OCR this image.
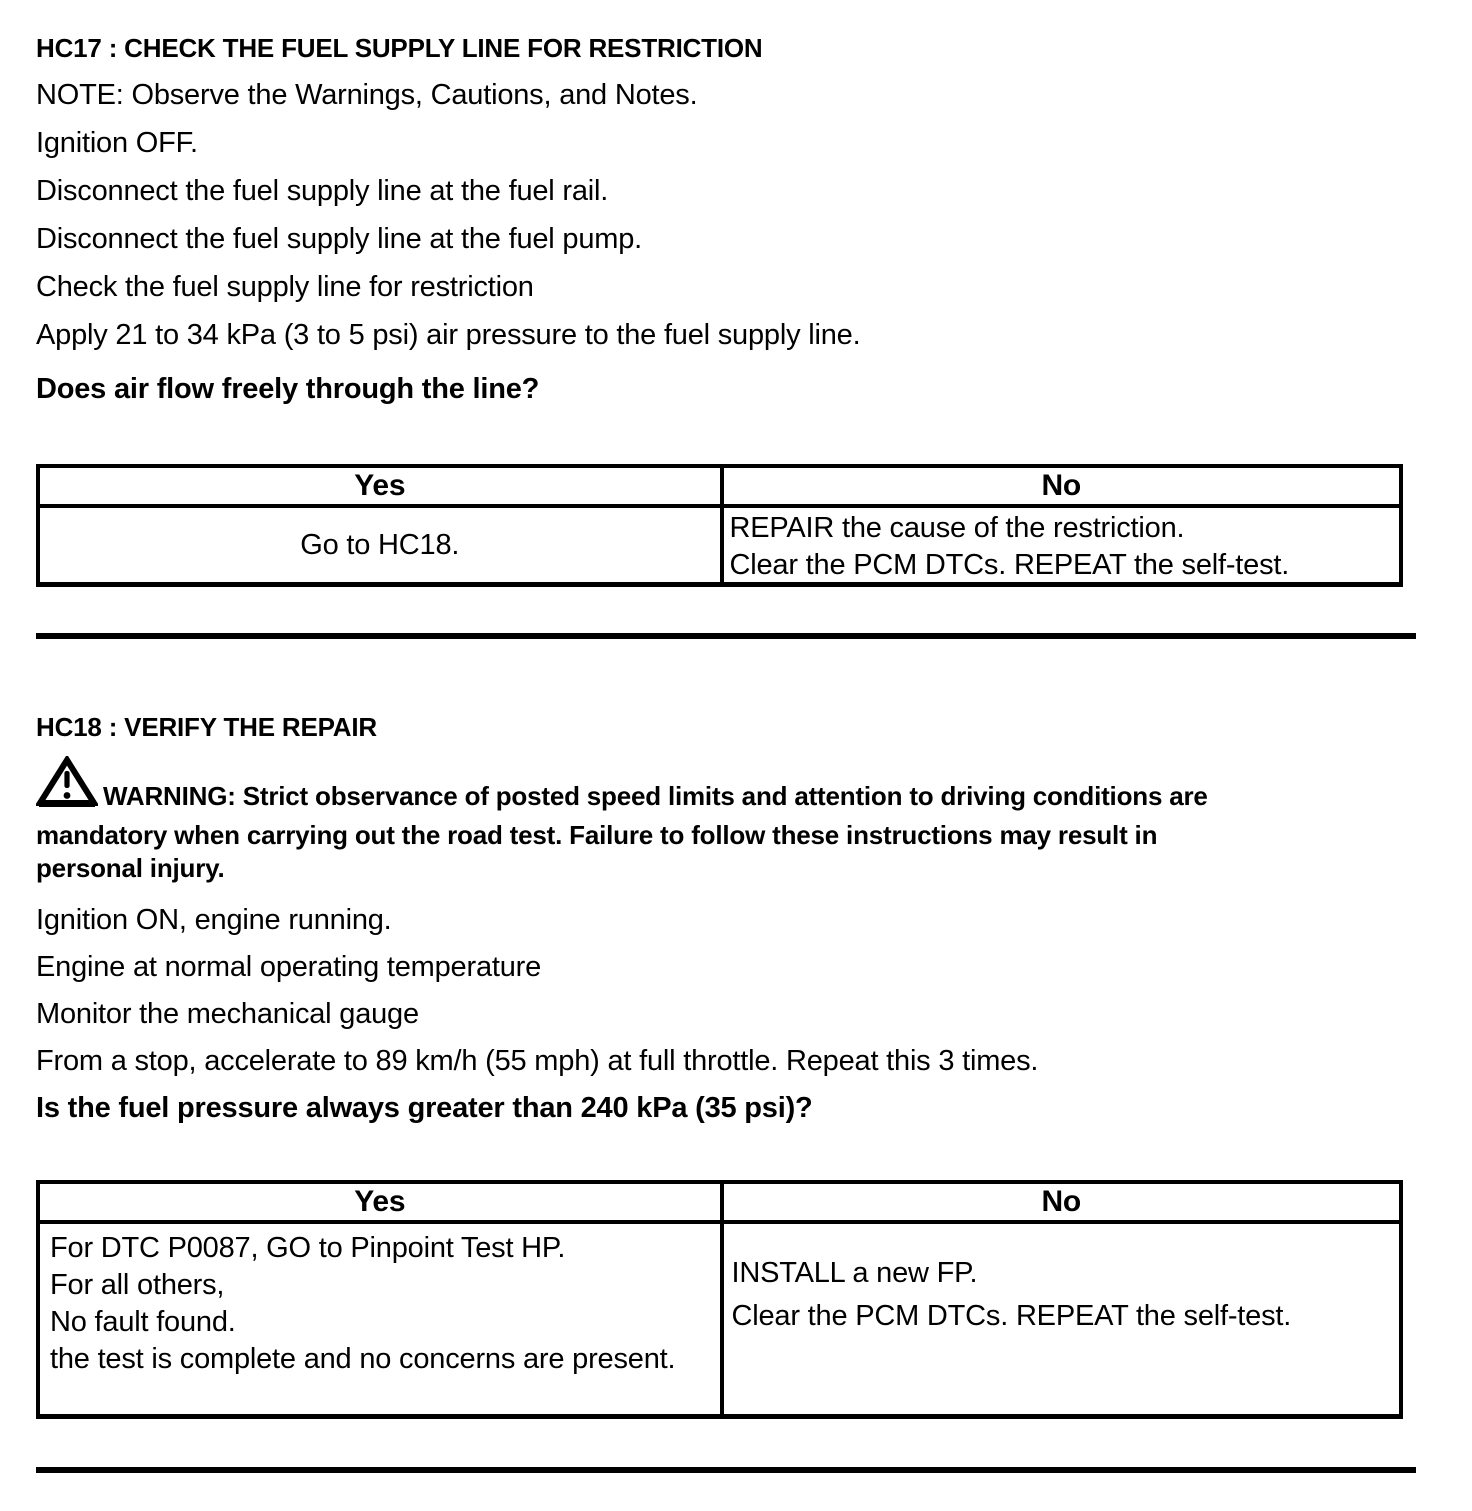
HC17 : CHECK THE FUEL SUPPLY LINE FOR RESTRICTION
NOTE: Observe the Warnings, Cautions, and Notes.
Ignition OFF.
Disconnect the fuel supply line at the fuel rail.
Disconnect the fuel supply line at the fuel pump.
Check the fuel supply line for restriction
Apply 21 to 34 kPa (3 to 5 psi) air pressure to the fuel supply line.
Does air flow freely through the line?
Yes	No
Go to HC18.
REPAIR the cause of the restriction.
Clear the PCM DTCs. REPEAT the self-test.
HC18 : VERIFY THE REPAIR
WARNING: Strict observance of posted speed limits and attention to driving conditions are
mandatory when carrying out the road test. Failure to follow these instructions may result in
personal injury.
Ignition ON, engine running.
Engine at normal operating temperature
Monitor the mechanical gauge
From a stop, accelerate to 89 km/h (55 mph) at full throttle. Repeat this 3 times.
Is the fuel pressure always greater than 240 kPa (35 psi)?
Yes	No
For DTC P0087, GO to Pinpoint Test HP.
For all others,
No fault found.
the test is complete and no concerns are present.
INSTALL a new FP.
Clear the PCM DTCs. REPEAT the self-test.
